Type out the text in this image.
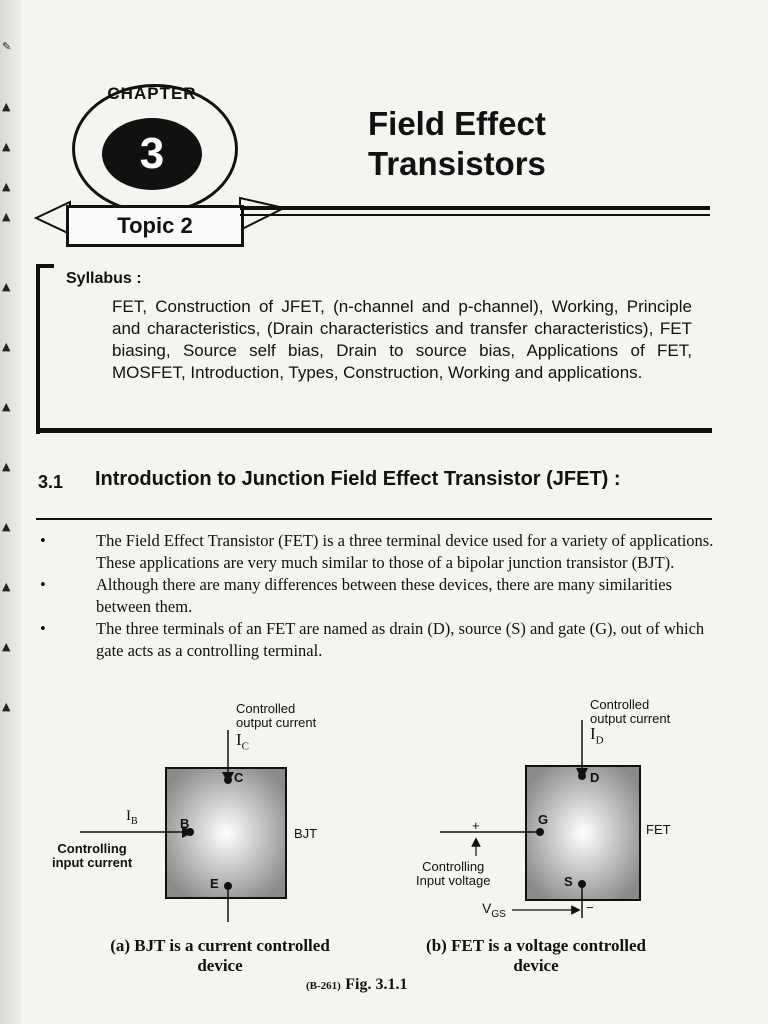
✎
▲
▲
▲
▲
▲
▲
▲
▲
▲
▲
▲
▲
CHAPTER
3
Topic 2
Field Effect
Transistors
Syllabus :
FET, Construction of JFET, (n-channel and p-channel), Working, Principle and characteristics, (Drain characteristics and transfer characteristics), FET biasing, Source self bias, Drain to source bias, Applications of FET, MOSFET, Introduction, Types, Construction, Working and applications.
3.1 Introduction to Junction Field Effect Transistor (JFET) :
•	The Field Effect Transistor (FET) is a three terminal device used for a variety of applications. These applications are very much similar to those of a bipolar junction transistor (BJT).
•	Although there are many differences between these devices, there are many similarities between them.
•	The three terminals of an FET are named as drain (D), source (S) and gate (G), out of which gate acts as a controlling terminal.
Controlled
output current
$I_C$
C
B
E
$I_B$
Controlling
input current
BJT
Controlled
output current
$I_D$
D
G
S
+
−
Controlling
Input voltage
$V_{GS}$
FET
(a) BJT is a current controlled
device
(b) FET is a voltage controlled
device
(B-261) Fig. 3.1.1
